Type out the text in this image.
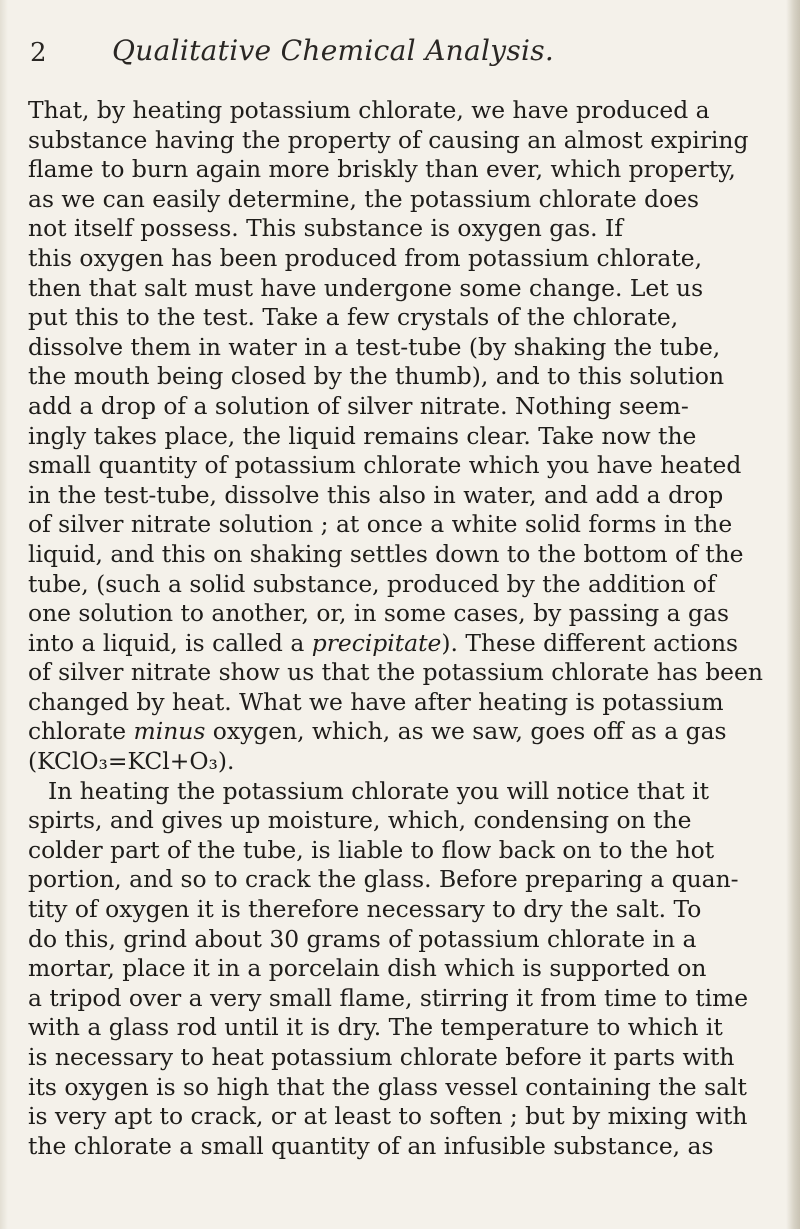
2 Qualitative Chemical Analysis.
That, by heating potassium chlorate, we have produced a
substance having the property of causing an almost expiring
flame to burn again more briskly than ever, which property,
as we can easily determine, the potassium chlorate does
not itself possess. This substance is oxygen gas. If
this oxygen has been produced from potassium chlorate,
then that salt must have undergone some change. Let us
put this to the test. Take a few crystals of the chlorate,
dissolve them in water in a test-tube (by shaking the tube,
the mouth being closed by the thumb), and to this solution
add a drop of a solution of silver nitrate. Nothing seem-
ingly takes place, the liquid remains clear. Take now the
small quantity of potassium chlorate which you have heated
in the test-tube, dissolve this also in water, and add a drop
of silver nitrate solution ; at once a white solid forms in the
liquid, and this on shaking settles down to the bottom of the
tube, (such a solid substance, produced by the addition of
one solution to another, or, in some cases, by passing a gas
into a liquid, is called a precipitate). These different actions
of silver nitrate show us that the potassium chlorate has been
changed by heat. What we have after heating is potassium
chlorate minus oxygen, which, as we saw, goes off as a gas
(KClO₃=KCl+O₃).
In heating the potassium chlorate you will notice that it
spirts, and gives up moisture, which, condensing on the
colder part of the tube, is liable to flow back on to the hot
portion, and so to crack the glass. Before preparing a quan-
tity of oxygen it is therefore necessary to dry the salt. To
do this, grind about 30 grams of potassium chlorate in a
mortar, place it in a porcelain dish which is supported on
a tripod over a very small flame, stirring it from time to time
with a glass rod until it is dry. The temperature to which it
is necessary to heat potassium chlorate before it parts with
its oxygen is so high that the glass vessel containing the salt
is very apt to crack, or at least to soften ; but by mixing with
the chlorate a small quantity of an infusible substance, as
